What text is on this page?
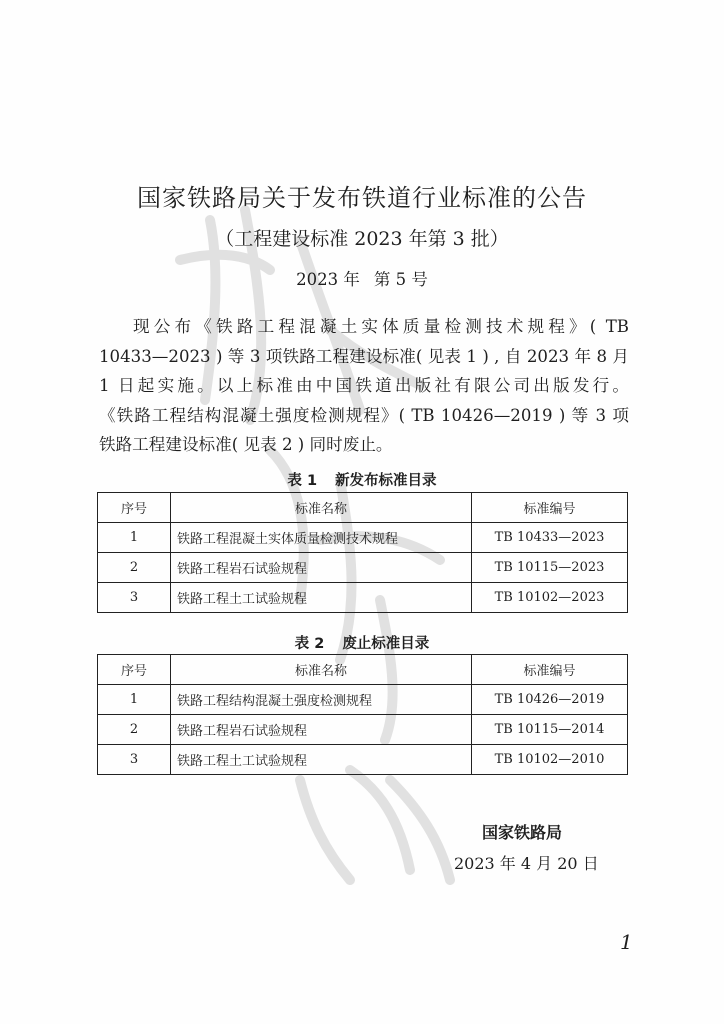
国家铁路局关于发布铁道行业标准的公告
（工程建设标准 2023 年第 3 批）
2023 年 第 5 号

现公布《铁路工程混凝土实体质量检测技术规程》( TB

10433—2023 ) 等 3 项铁路工程建设标准( 见表 1 ) , 自 2023 年 8 月

1 日起实施。以上标准由中国铁道出版社有限公司出版发行。

《铁路工程结构混凝土强度检测规程》( TB 10426—2019 ) 等 3 项

铁路工程建设标准( 见表 2 ) 同时废止。

表 1 新发布标准目录
序号	标准名称	标准编号
1	铁路工程混凝土实体质量检测技术规程	TB 10433—2023
2	铁路工程岩石试验规程	TB 10115—2023
3	铁路工程土工试验规程	TB 10102—2023
表 2 废止标准目录
序号	标准名称	标准编号
1	铁路工程结构混凝土强度检测规程	TB 10426—2019
2	铁路工程岩石试验规程	TB 10115—2014
3	铁路工程土工试验规程	TB 10102—2010
国家铁路局
2023 年 4 月 20 日
1
